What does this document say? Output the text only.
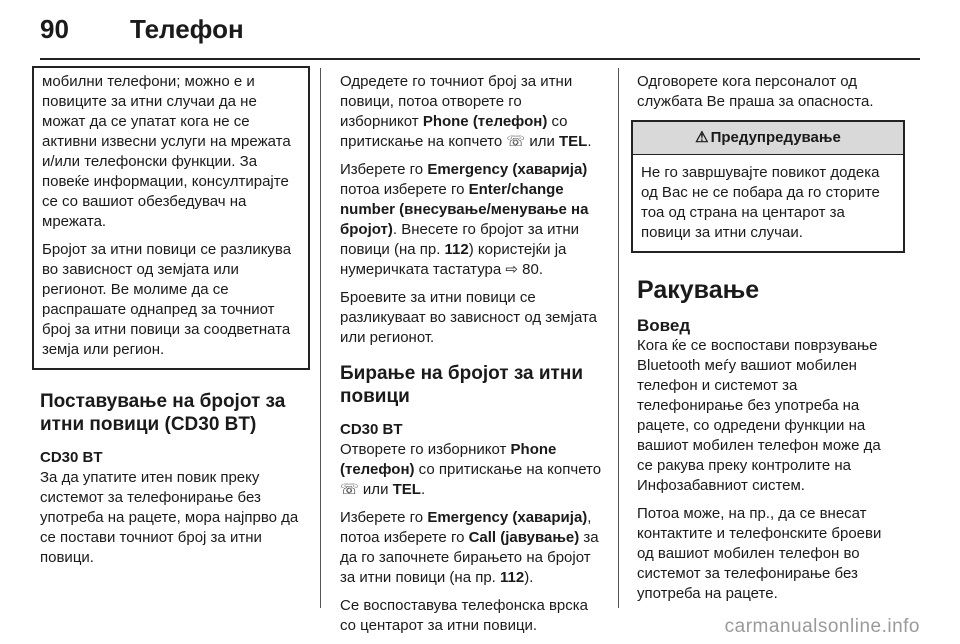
90 Телефон

мобилни телефони; можно е и повиците за итни случаи да не можат да се упатат кога не се активни извесни услуги на мрежата и/или телефонски функции. За повеќе информации, консултирајте се со вашиот обезбедувач на мрежата.

Бројот за итни повици се разликува во зависност од земјата или регионот. Ве молиме да се распрашате однапред за точниот број за итни повици за соодветната земја или регион.

Поставување на бројот за итни повици (CD30 BT)
CD30 BT

За да упатите итен повик преку системот за телефонирање без употреба на рацете, мора најпрво да се постави точниот број за итни повици.

Одредете го точниот број за итни повици, потоа отворете го изборникот Phone (телефон) со притискање на копчето ☏ или TEL.

Изберете го Emergency (хаварија) потоа изберете го Enter/change number (внесување/менување на бројот). Внесете го бројот за итни повици (на пр. 112) користејќи ја нумеричката тастатура ⇨ 80.

Броевите за итни повици се разликуваат во зависност од земјата или регионот.

Бирање на бројот за итни повици
CD30 BT

Отворете го изборникот Phone (телефон) со притискање на копчето ☏ или TEL.

Изберете го Emergency (хаварија), потоа изберете го Call (јавување) за да го започнете бирањето на бројот за итни повици (на пр. 112).

Се воспоставува телефонска врска со центарот за итни повици.

Одговорете кога персоналот од службата Ве праша за опасноста.

⚠ Предупредување
Не го завршувајте повикот додека од Вас не се побара да го сторите тоа од страна на центарот за повици за итни случаи.
Ракување
Вовед

Кога ќе се воспостави поврзување Bluetooth меѓу вашиот мобилен телефон и системот за телефонирање без употреба на рацете, со одредени функции на вашиот мобилен телефон може да се ракува преку контролите на Инфозабавниот систем.

Потоа може, на пр., да се внесат контактите и телефонските броеви од вашиот мобилен телефон во системот за телефонирање без употреба на рацете.

carmanualsonline.info
